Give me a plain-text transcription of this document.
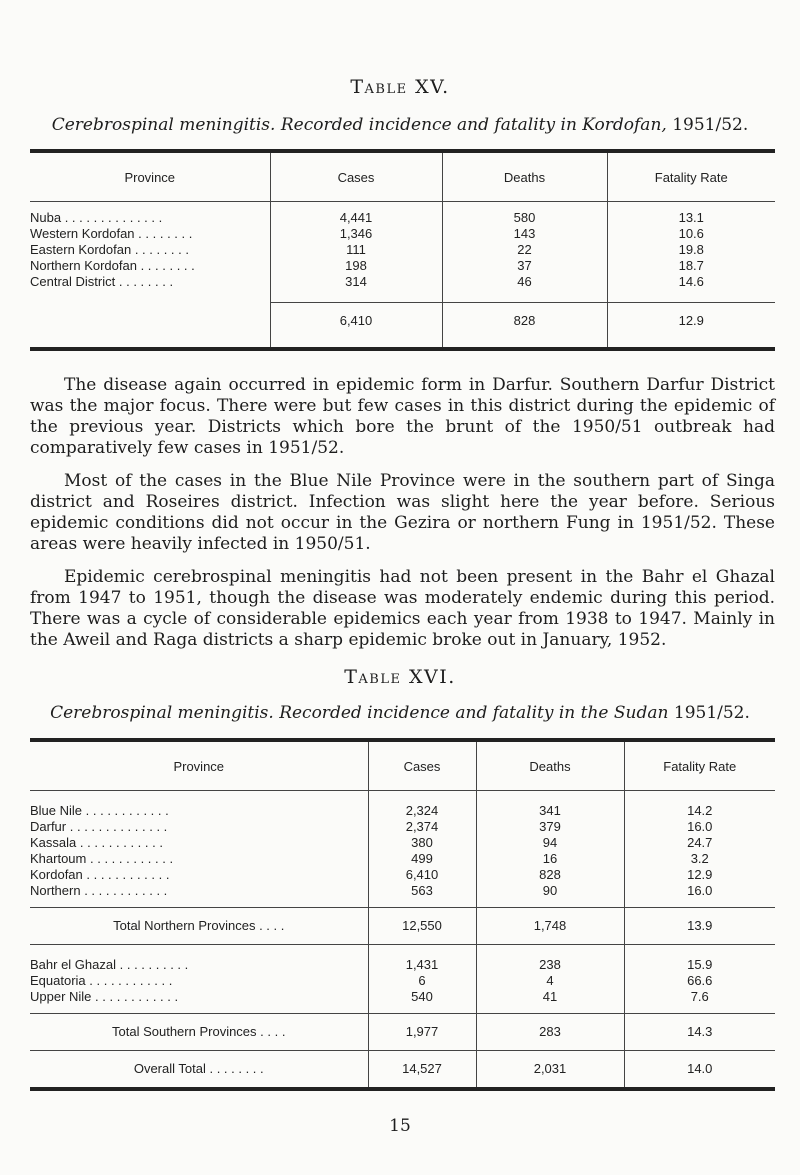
Table XV.
Cerebrospinal meningitis. Recorded incidence and fatality in Kordofan, 1951/52.
Province	Cases	Deaths	Fatality Rate

Nuba . . . . . . . . . . . . . .	4,441	580	13.1
Western Kordofan . . . . . . . .	1,346	143	10.6
Eastern Kordofan . . . . . . . .	111	22	19.8
Northern Kordofan . . . . . . . .	198	37	18.7
Central District . . . . . . . .	314	46	14.6

	6,410	828	12.9

The disease again occurred in epidemic form in Darfur. Southern Darfur District was the major focus. There were but few cases in this district during the epidemic of the previous year. Districts which bore the brunt of the 1950/51 outbreak had comparatively few cases in 1951/52.

Most of the cases in the Blue Nile Province were in the southern part of Singa district and Roseires district. Infection was slight here the year before. Serious epidemic conditions did not occur in the Gezira or northern Fung in 1951/52. These areas were heavily infected in 1950/51.

Epidemic cerebrospinal meningitis had not been present in the Bahr el Ghazal from 1947 to 1951, though the disease was moderately endemic during this period. There was a cycle of considerable epidemics each year from 1938 to 1947. Mainly in the Aweil and Raga districts a sharp epidemic broke out in January, 1952.

Table XVI.
Cerebrospinal meningitis. Recorded incidence and fatality in the Sudan 1951/52.
Province	Cases	Deaths	Fatality Rate

Blue Nile . . . . . . . . . . . .	2,324	341	14.2
Darfur . . . . . . . . . . . . . .	2,374	379	16.0
Kassala . . . . . . . . . . . .	380	94	24.7
Khartoum . . . . . . . . . . . .	499	16	3.2
Kordofan . . . . . . . . . . . .	6,410	828	12.9
Northern . . . . . . . . . . . .	563	90	16.0

Total Northern Provinces . . . .	12,550	1,748	13.9

Bahr el Ghazal . . . . . . . . . .	1,431	238	15.9
Equatoria . . . . . . . . . . . .	6	4	66.6
Upper Nile . . . . . . . . . . . .	540	41	7.6

Total Southern Provinces . . . .	1,977	283	14.3
Overall Total . . . . . . . .	14,527	2,031	14.0
15
